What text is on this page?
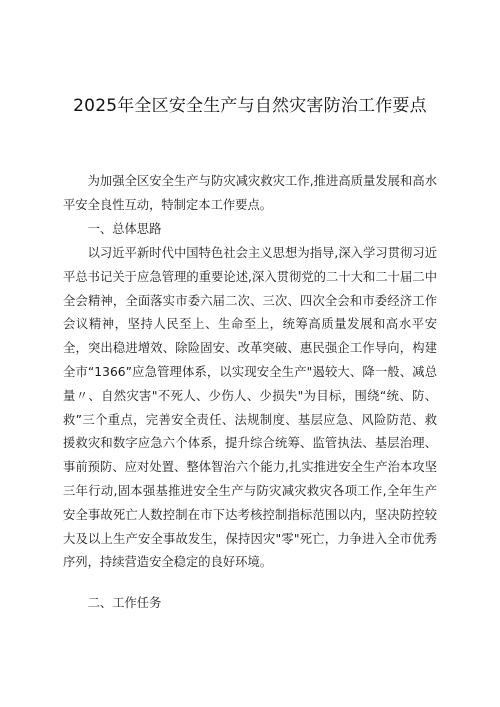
2025年全区安全生产与自然灾害防治工作要点

为加强全区安全生产与防灾减灾救灾工作,推进高质量发展和高水平安全良性互动，特制定本工作要点。

一、总体思路

以习近平新时代中国特色社会主义思想为指导,深入学习贯彻习近平总书记关于应急管理的重要论述,深入贯彻党的二十大和二十届二中全会精神，全面落实市委六届二次、三次、四次全会和市委经济工作会议精神，坚持人民至上、生命至上，统筹高质量发展和高水平安全，突出稳进增效、除险固安、改革突破、惠民强企工作导向，构建全市“1366”应急管理体系，以实现安全生产"遏较大、降一般、减总量〃、自然灾害"不死人、少伤人、少损失"为目标，围绕“统、防、救”三个重点，完善安全责任、法规制度、基层应急、风险防范、救援救灾和数字应急六个体系，提升综合统筹、监管执法、基层治理、事前预防、应对处置、整体智治六个能力,扎实推进安全生产治本攻坚三年行动,固本强基推进安全生产与防灾减灾救灾各项工作,全年生产安全事故死亡人数控制在市下达考核控制指标范围以内，坚决防控较大及以上生产安全事故发生，保持因灾"零"死亡，力争进入全市优秀序列，持续营造安全稳定的良好环境。

二、工作任务
